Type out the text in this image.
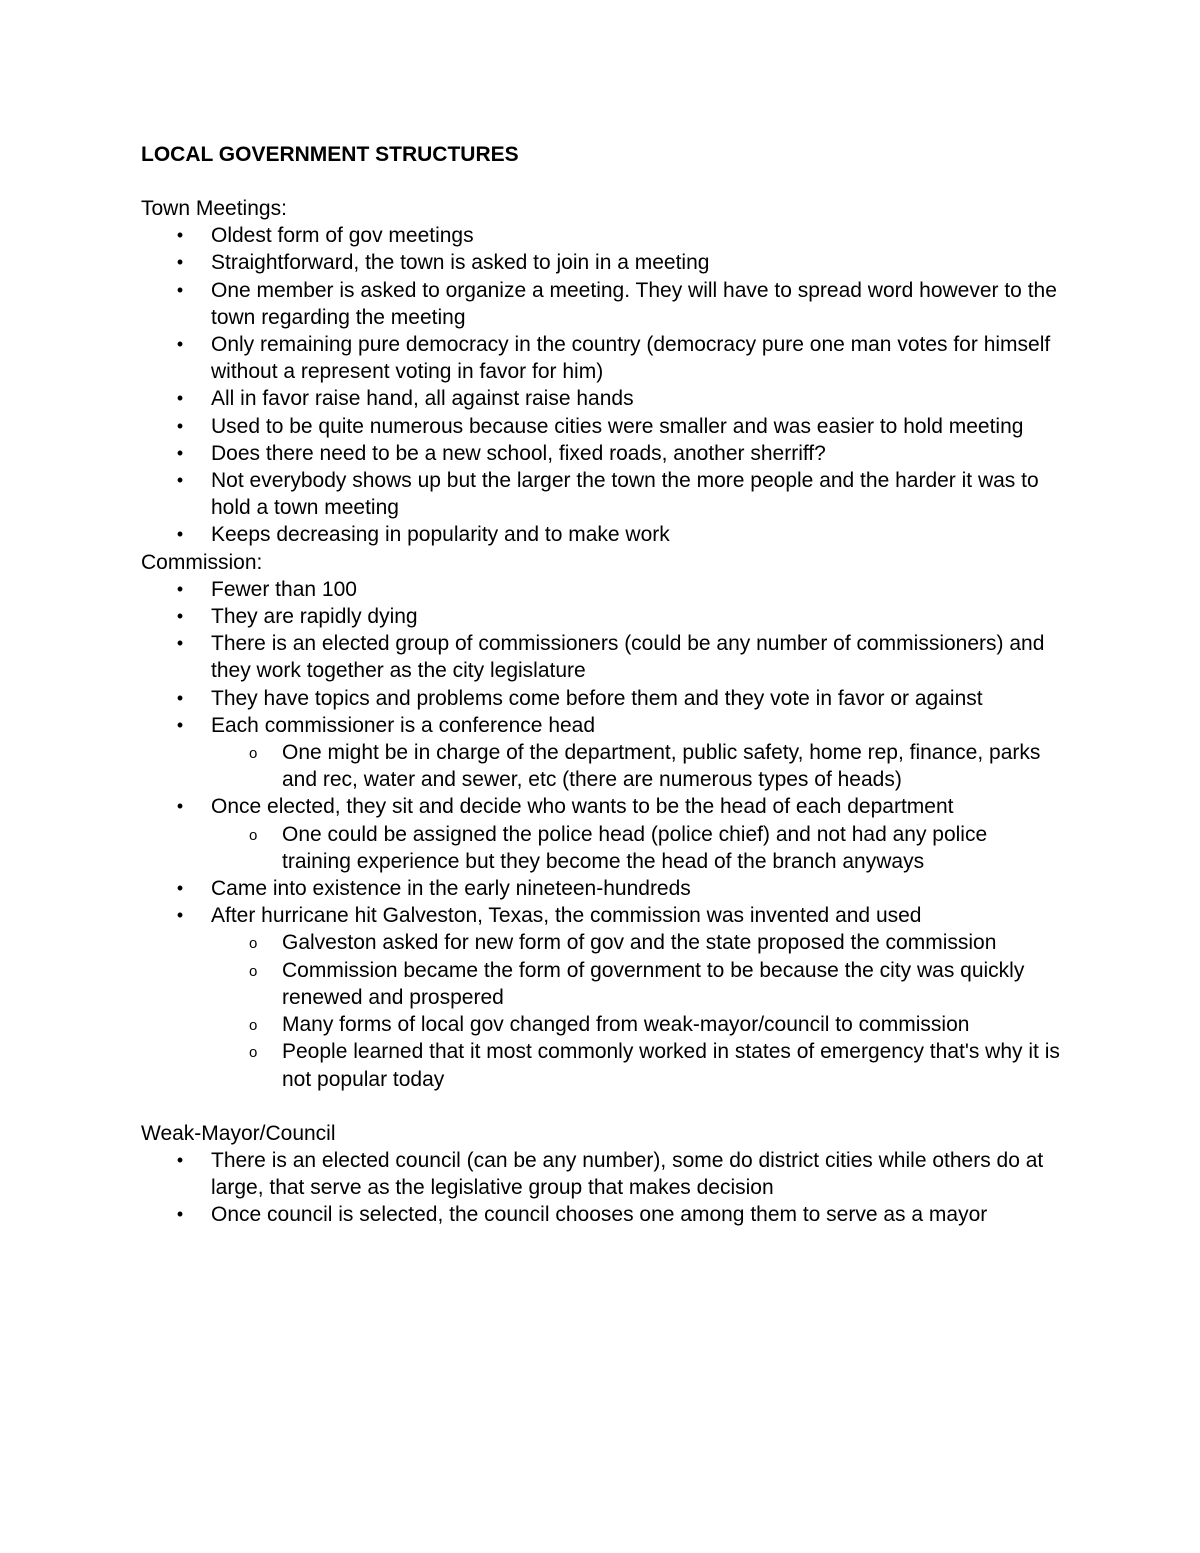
LOCAL GOVERNMENT STRUCTURES
Town Meetings:
• Oldest form of gov meetings
• Straightforward, the town is asked to join in a meeting
• One member is asked to organize a meeting. They will have to spread word however to the town regarding the meeting
• Only remaining pure democracy in the country (democracy pure one man votes for himself without a represent voting in favor for him)
• All in favor raise hand, all against raise hands
• Used to be quite numerous because cities were smaller and was easier to hold meeting
• Does there need to be a new school, fixed roads, another sherriff?
• Not everybody shows up but the larger the town the more people and the harder it was to hold a town meeting
• Keeps decreasing in popularity and to make work
Commission:
• Fewer than 100
• They are rapidly dying
• There is an elected group of commissioners (could be any number of commissioners) and they work together as the city legislature
• They have topics and problems come before them and they vote in favor or against
• Each commissioner is a conference head
o One might be in charge of the department, public safety, home rep, finance, parks and rec, water and sewer, etc (there are numerous types of heads)
• Once elected, they sit and decide who wants to be the head of each department
o One could be assigned the police head (police chief) and not had any police training experience but they become the head of the branch anyways
• Came into existence in the early nineteen-hundreds
• After hurricane hit Galveston, Texas, the commission was invented and used
o Galveston asked for new form of gov and the state proposed the commission
o Commission became the form of government to be because the city was quickly renewed and prospered
o Many forms of local gov changed from weak-mayor/council to commission
o People learned that it most commonly worked in states of emergency that's why it is not popular today
Weak-Mayor/Council
• There is an elected council (can be any number), some do district cities while others do at large, that serve as the legislative group that makes decision
• Once council is selected, the council chooses one among them to serve as a mayor
